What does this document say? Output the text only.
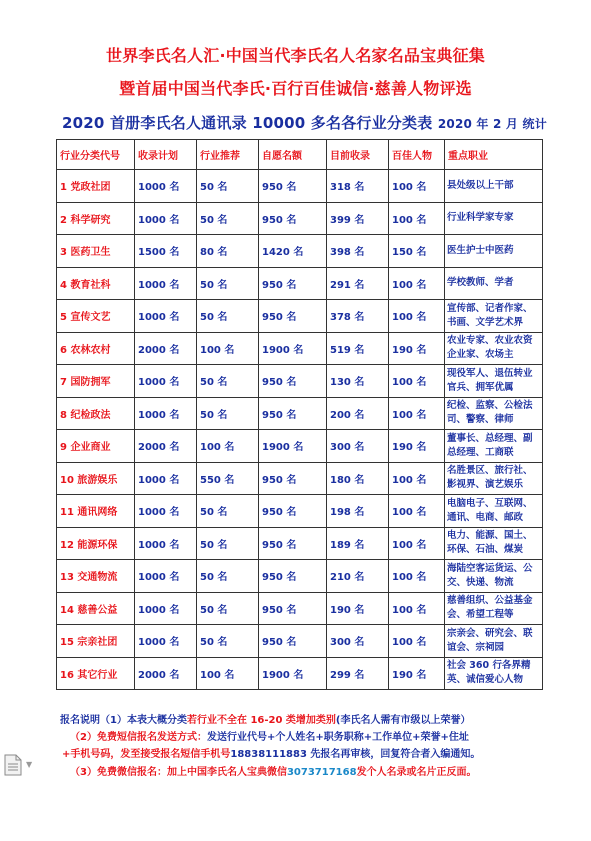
世界李氏名人汇·中国当代李氏名人名家名品宝典征集
暨首届中国当代李氏·百行百佳诚信·慈善人物评选
2020 首册李氏名人通讯录 10000 多名各行业分类表 2020 年 2 月 统计
行业分类代号	收录计划	行业推荐	自愿名额	目前收录	百佳人物	重点职业
1 党政社团	1000 名	50 名	950 名	318 名	100 名	县处级以上干部
2 科学研究	1000 名	50 名	950 名	399 名	100 名	行业科学家专家
3 医药卫生	1500 名	80 名	1420 名	398 名	150 名	医生护士中医药
4 教育社科	1000 名	50 名	950 名	291 名	100 名	学校教师、学者
5 宣传文艺	1000 名	50 名	950 名	378 名	100 名	宣传部、记者作家、书画、文学艺术界
6 农林农村	2000 名	100 名	1900 名	519 名	190 名	农业专家、农业农资企业家、农场主
7 国防拥军	1000 名	50 名	950 名	130 名	100 名	现役军人、退伍转业官兵、拥军优属
8 纪检政法	1000 名	50 名	950 名	200 名	100 名	纪检、监察、公检法司、警察、律师
9 企业商业	2000 名	100 名	1900 名	300 名	190 名	董事长、总经理、副总经理、工商联
10 旅游娱乐	1000 名	550 名	950 名	180 名	100 名	名胜景区、旅行社、影视界、演艺娱乐
11 通讯网络	1000 名	50 名	950 名	198 名	100 名	电脑电子、互联网、通讯、电商、邮政
12 能源环保	1000 名	50 名	950 名	189 名	100 名	电力、能源、国土、环保、石油、煤炭
13 交通物流	1000 名	50 名	950 名	210 名	100 名	海陆空客运货运、公交、快递、物流
14 慈善公益	1000 名	50 名	950 名	190 名	100 名	慈善组织、公益基金会、希望工程等
15 宗亲社团	1000 名	50 名	950 名	300 名	100 名	宗亲会、研究会、联谊会、宗祠园
16 其它行业	2000 名	100 名	1900 名	299 名	190 名	社会 360 行各界精英、诚信爱心人物
报名说明（1）本表大概分类若行业不全在 16-20 类增加类别(李氏名人需有市级以上荣誉）
（2）免费短信报名发送方式：发送行业代号+个人姓名+职务职称+工作单位+荣誉+住址
+手机号码，发至接受报名短信手机号18838111883 先报名再审核，回复符合者入编通知。
（3）免费微信报名：加上中国李氏名人宝典微信3073717168发个人名录或名片正反面。
▼
